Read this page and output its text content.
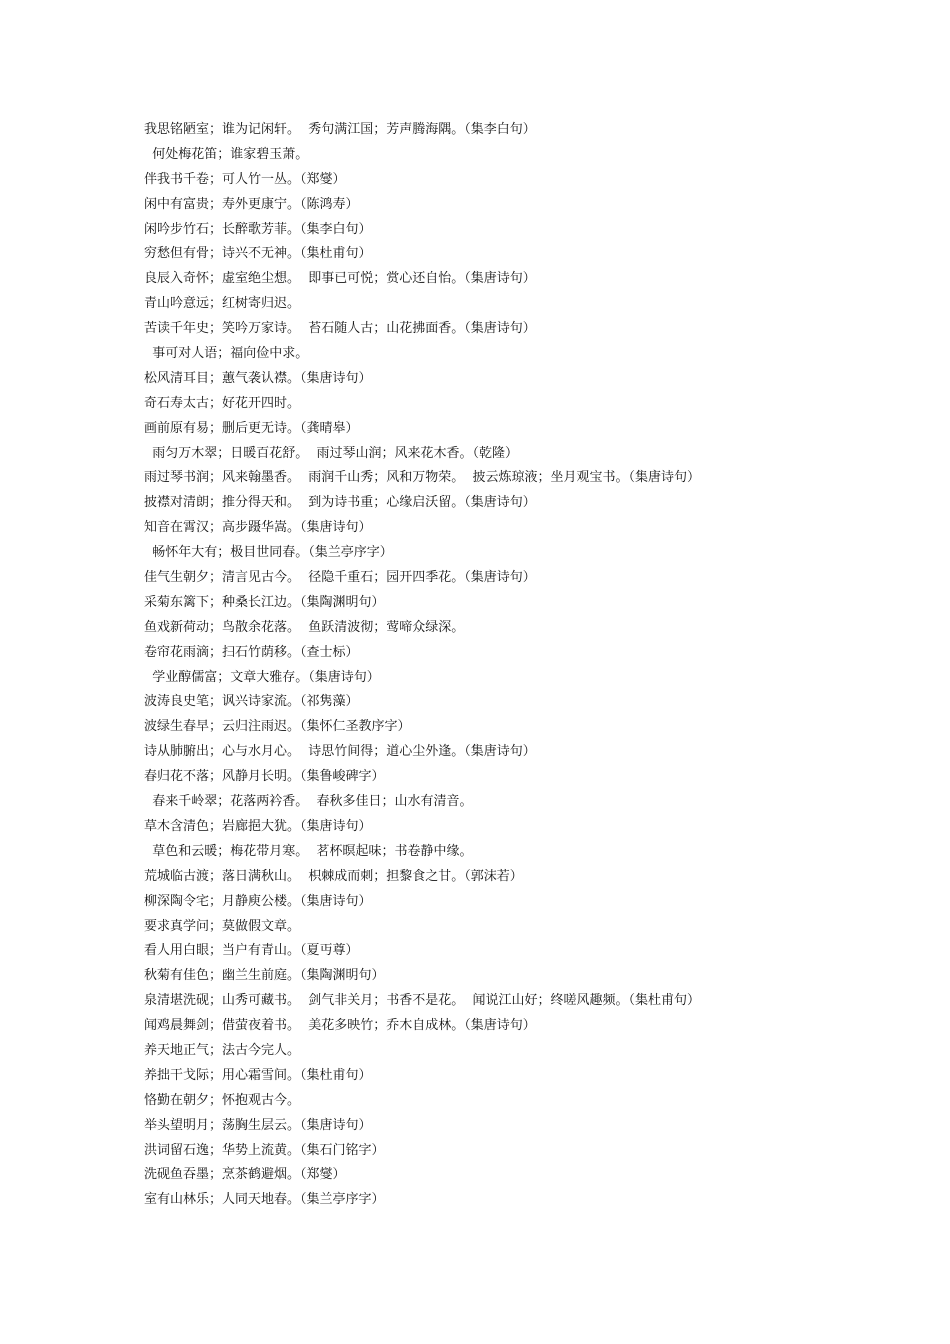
我思铭陋室；谁为记闲轩。  秀句满江国；芳声腾海隅。（集李白句）
何处梅花笛；谁家碧玉萧。
伴我书千卷；可人竹一丛。（郑燮）
闲中有富贵；寿外更康宁。（陈鸿寿）
闲吟步竹石；长醉歌芳菲。（集李白句）
穷愁但有骨；诗兴不无神。（集杜甫句）
良辰入奇怀；虚室绝尘想。  即事已可悦；赏心还自怡。（集唐诗句）
青山吟意远；红树寄归迟。
苦读千年史；笑吟万家诗。  苔石随人古；山花拂面香。（集唐诗句）
事可对人语；福向俭中求。
松风清耳目；蕙气袭认襟。（集唐诗句）
奇石寿太古；好花开四时。
画前原有易；删后更无诗。（龚晴皋）
雨匀万木翠；日暖百花舒。  雨过琴山润；风来花木香。（乾隆）
雨过琴书润；风来翰墨香。  雨润千山秀；风和万物荣。  披云炼琼液；坐月观宝书。（集唐诗句）
披襟对清朗；推分得天和。  到为诗书重；心缘启沃留。（集唐诗句）
知音在霄汉；高步蹑华嵩。（集唐诗句）
畅怀年大有；极目世同春。（集兰亭序字）
佳气生朝夕；清言见古今。  径隐千重石；园开四季花。（集唐诗句）
采菊东篱下；种桑长江边。（集陶渊明句）
鱼戏新荷动；鸟散余花落。  鱼跃清波彻；莺啼众绿深。
卷帘花雨滴；扫石竹荫移。（查士标）
学业醇儒富；文章大雅存。（集唐诗句）
波涛良史笔；讽兴诗家流。（祁隽藻）
波绿生春早；云归注雨迟。（集怀仁圣教序字）
诗从肺腑出；心与水月心。  诗思竹间得；道心尘外逢。（集唐诗句）
春归花不落；风静月长明。（集鲁峻碑字）
春来千岭翠；花落两衿香。  春秋多佳日；山水有清音。
草木含清色；岩廊挹大犹。（集唐诗句）
草色和云暖；梅花带月寒。  茗杯暝起味；书卷静中缘。
荒城临古渡；落日满秋山。  枳棘成而刺；担黎食之甘。（郭沫若）
柳深陶令宅；月静庾公楼。（集唐诗句）
要求真学问；莫做假文章。
看人用白眼；当户有青山。（夏丏尊）
秋菊有佳色；幽兰生前庭。（集陶渊明句）
泉清堪洗砚；山秀可藏书。  剑气非关月；书香不是花。  闻说江山好；终嗟风趣频。（集杜甫句）
闻鸡晨舞剑；借萤夜着书。  美花多映竹；乔木自成林。（集唐诗句）
养天地正气；法古今完人。
养拙干戈际；用心霜雪间。（集杜甫句）
恪勤在朝夕；怀抱观古今。
举头望明月；荡胸生层云。（集唐诗句）
洪词留石逸；华势上流黄。（集石门铭字）
洗砚鱼吞墨；烹茶鹤避烟。（郑燮）
室有山林乐；人同天地春。（集兰亭序字）
